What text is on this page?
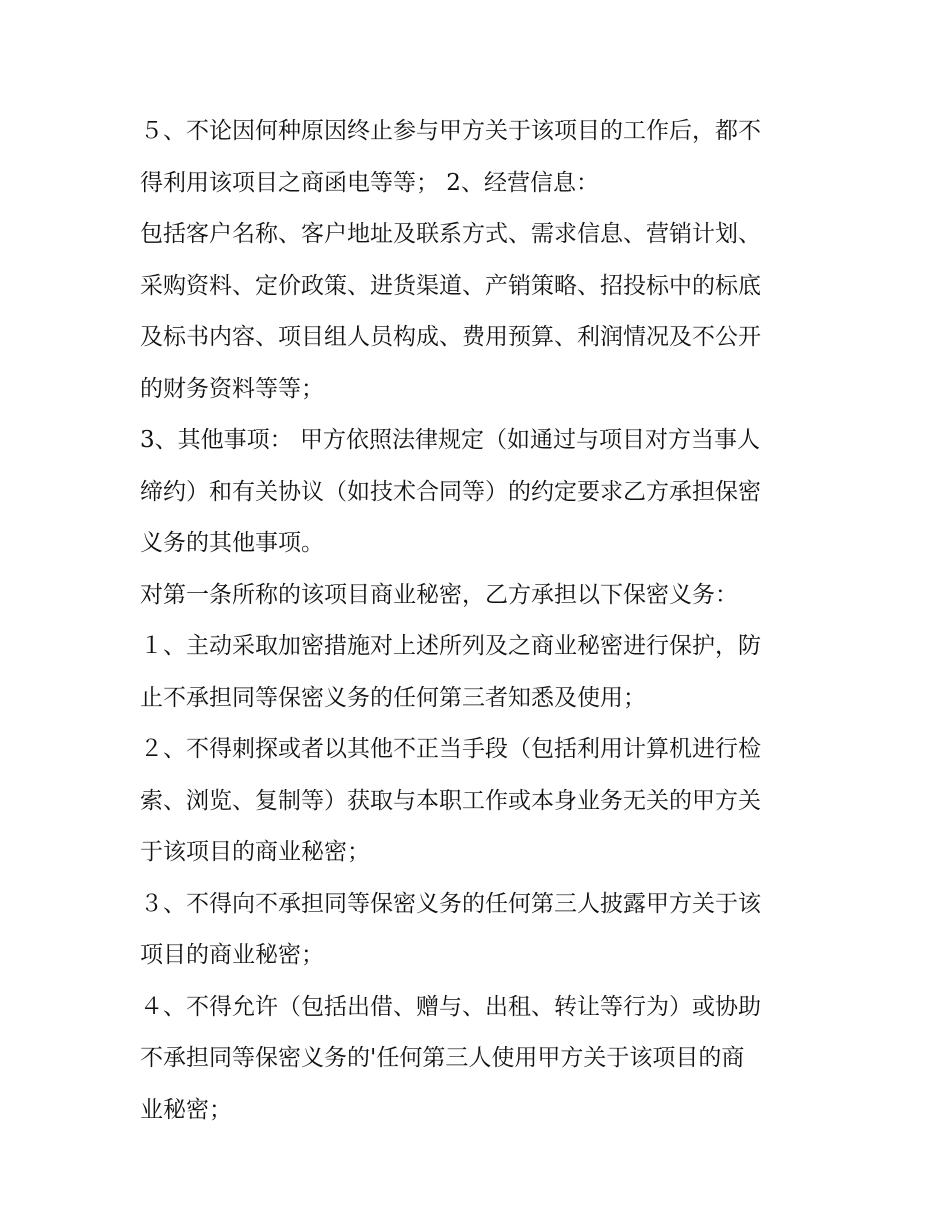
５、不论因何种原因终止参与甲方关于该项目的工作后，都不
得利用该项目之商函电等等； 2、经营信息：
包括客户名称、客户地址及联系方式、需求信息、营销计划、
采购资料、定价政策、进货渠道、产销策略、招投标中的标底
及标书内容、项目组人员构成、费用预算、利润情况及不公开
的财务资料等等；
3、其他事项： 甲方依照法律规定（如通过与项目对方当事人
缔约）和有关协议（如技术合同等）的约定要求乙方承担保密
义务的其他事项。
对第一条所称的该项目商业秘密，乙方承担以下保密义务：
１、主动采取加密措施对上述所列及之商业秘密进行保护，防
止不承担同等保密义务的任何第三者知悉及使用；
２、不得刺探或者以其他不正当手段（包括利用计算机进行检
索、浏览、复制等）获取与本职工作或本身业务无关的甲方关
于该项目的商业秘密；
３、不得向不承担同等保密义务的任何第三人披露甲方关于该
项目的商业秘密；
４、不得允许（包括出借、赠与、出租、转让等行为）或协助
不承担同等保密义务的'任何第三人使用甲方关于该项目的商
业秘密；
